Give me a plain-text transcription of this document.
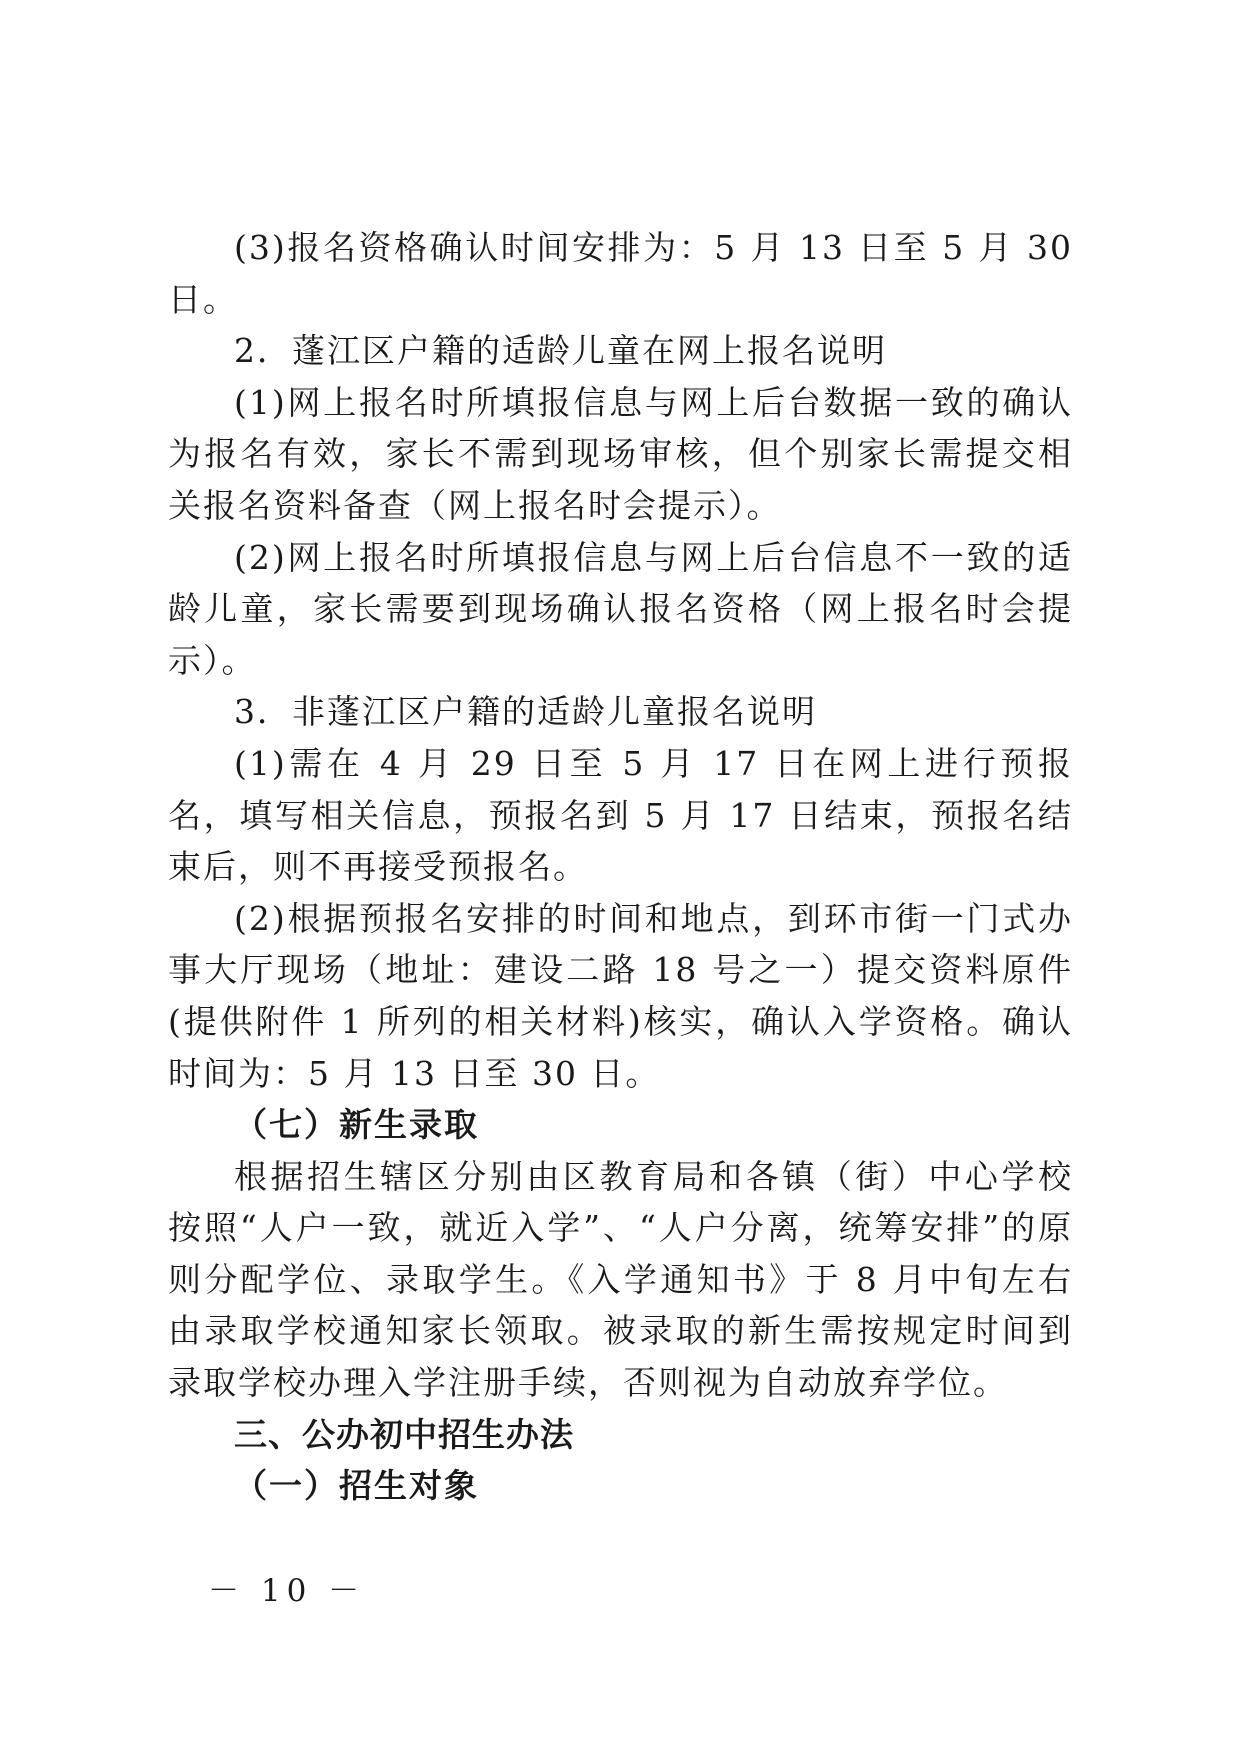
(3)报名资格确认时间安排为：5 月 13 日至 5 月 30 日。

2．蓬江区户籍的适龄儿童在网上报名说明

(1)网上报名时所填报信息与网上后台数据一致的确认为报名有效，家长不需到现场审核，但个别家长需提交相关报名资料备查（网上报名时会提示）。

(2)网上报名时所填报信息与网上后台信息不一致的适龄儿童，家长需要到现场确认报名资格（网上报名时会提示）。

3．非蓬江区户籍的适龄儿童报名说明

(1)需在 4 月 29 日至 5 月 17 日在网上进行预报名，填写相关信息，预报名到 5 月 17 日结束，预报名结束后，则不再接受预报名。

(2)根据预报名安排的时间和地点，到环市街一门式办事大厅现场（地址：建设二路 18 号之一）提交资料原件(提供附件 1 所列的相关材料)核实，确认入学资格。确认时间为：5 月 13 日至 30 日。

（七）新生录取

根据招生辖区分别由区教育局和各镇（街）中心学校按照“人户一致，就近入学”、“人户分离，统筹安排”的原则分配学位、录取学生。《入学通知书》于 8 月中旬左右由录取学校通知家长领取。被录取的新生需按规定时间到录取学校办理入学注册手续，否则视为自动放弃学位。

三、公办初中招生办法

（一）招生对象

－ 10 －
